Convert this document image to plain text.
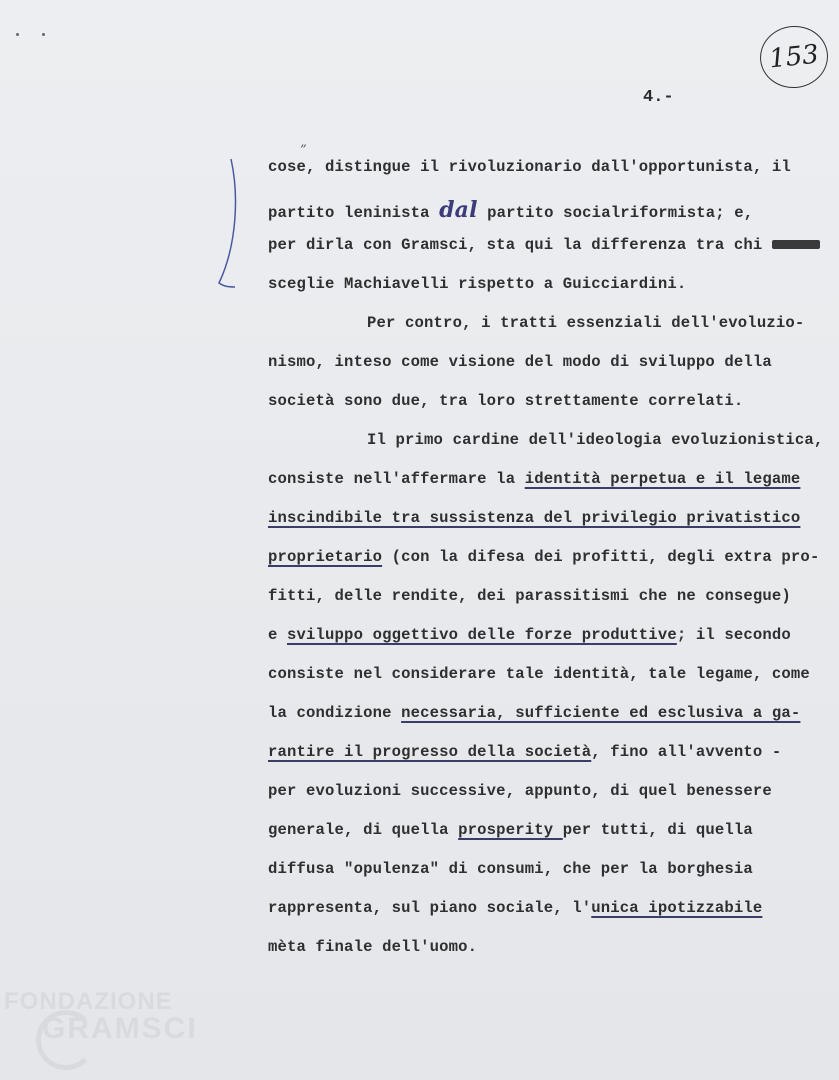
153
4.-
”
cose, distingue il rivoluzionario dall'opportunista, il
partito leninista dal partito socialriformista; e,
per dirla con Gramsci, sta qui la differenza tra chi
sceglie Machiavelli rispetto a Guicciardini.
Per contro, i tratti essenziali dell'evoluzio-
nismo, inteso come visione del modo di sviluppo della
società sono due, tra loro strettamente correlati.
Il primo cardine dell'ideologia evoluzionistica,
consiste nell'affermare la identità perpetua e il legame
inscindibile tra sussistenza del privilegio privatistico
proprietario (con la difesa dei profitti, degli extra pro-
fitti, delle rendite, dei parassitismi che ne consegue)
e sviluppo oggettivo delle forze produttive; il secondo
consiste nel considerare tale identità, tale legame, come
la condizione necessaria, sufficiente ed esclusiva a ga-
rantire il progresso della società, fino all'avvento -
per evoluzioni successive, appunto, di quel benessere
generale, di quella prosperity per tutti, di quella
diffusa "opulenza" di consumi, che per la borghesia
rappresenta, sul piano sociale, l'unica ipotizzabile
mèta finale dell'uomo.
FONDAZIONE
GRAMSCI
